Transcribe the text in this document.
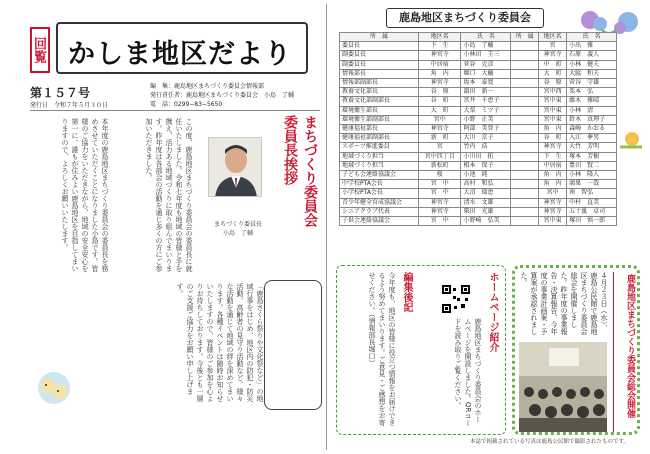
回覧 かしま地区だより
第１５７号
発行日　令和７年５月３０日
編　集：鹿島地区まちづくり委員会情報部
発行責任者：鹿島地区まちづくり委員会　小島　了輔
電　話：0299−83−5650
まちづくり委員会
委員長挨拶
本年度の鹿島地区まちづくり委員会の委員長を務めさせていただくことになりました小島です。皆様のご協力をいただきながら、地域の安全安心を第一に、誰もが住みよい鹿島地区を目指してまいりますので、よろしくお願いいたします。	この度、鹿島地区まちづくり委員会の委員長に就任いたしました。令和七年度も地域の皆様と手を携え、活力ある地域づくりに取り組んでまいります。昨年度は各部会の活動を通じ多くの方にご参加いただきました。
「鹿島さくら祭りや文化祭など」の地域行事をはじめ、地区内の防犯・防災活動、高齢者の見守り活動など、様々な活動を通じて地域の絆を深めてまいります。各種イベントは随時お知らせいたしますので、皆様のご参加を心よりお待ちしております。今後とも一層のご支援ご協力をお願い申し上げます。
まちづくり委員長
小島　了輔
鹿島地区まちづくり委員会
所　属	地区名	氏　名	所　属	地区名	氏　名
委員長	下　生	小島　了輔		宮	小出　雅
副委員長	神宮寺	小林田　圭三		神宮寺	石原　義人
副委員長	中居宿	菅谷　克彦		中　町	小林　健夫
情報部長	角　内	堀口　大輔		大　町	大脇　和夫
情報部副部長	神宮寺	坂本　泰寛		谷　原	菅谷　守雄
教養文化部長	谷　原	淵田　新一		宮中西	栗本　弘
教養文化部副部長	谷　町	宮井　千恵子		宮中東	藤木　雅晴
環境衛生部長	大　町	大栗　ミツ子		宮中東	小林　清
環境衛生部副部長	宮中	小野　正美		宮中東	鈴木　真理子
健康福祉部長	神宮寺	阿部　美智子		角　内	森崎　かおる
健康福祉部副部長	新　町	大川　京子		谷　町	入江　夢男
スポーツ推進委員	宮	竹内　浩		神宮寺	大竹　芳明
地域づくり担当	宮中四丁目	小川田　拓		下　生	塚本　芳樹
地域づくり担当	新松町	根本　保子		中居宿	豊田　賢二
子ども会連絡協議会	桜	小池　純		角　内	小林　隆人
中学校PTA会長	宮　中	高村　和弘		角　内	鴻巣　一哉
小学校PTA会長	宮　中	大沼　瑞恵		宮中	南　智弘
青少年健全育成協議会	神宮寺	清水　文雄		神宮寺	中村　直美
シニアクラブ代表	神宮寺	柴田　光雄		神宮寺	五十嵐　卓司
子供会連絡協議会	宮　中	小野崎　弘美		宮中東	塚田　慎一郎
ホームページ紹介
鹿島地区まちづくり委員会のホームページを開設しました。QRコードを読み取りご覧ください。
編集後記
今年度も、地区の皆様に役立つ情報をお届けできるよう努めてまいります。ご意見・ご感想をお寄せください。（情報部長堀口）	鹿島地区まちづくり委員会総会開催
４月２３日（水）、鹿島公民館で鹿島地区まちづくり委員会総会を開催しました。昨年度の事業報告・決算報告、今年度の事業計画案・予算案が承認されました。
本誌で掲載されている写真は鹿島公民館で撮影されたものです。
